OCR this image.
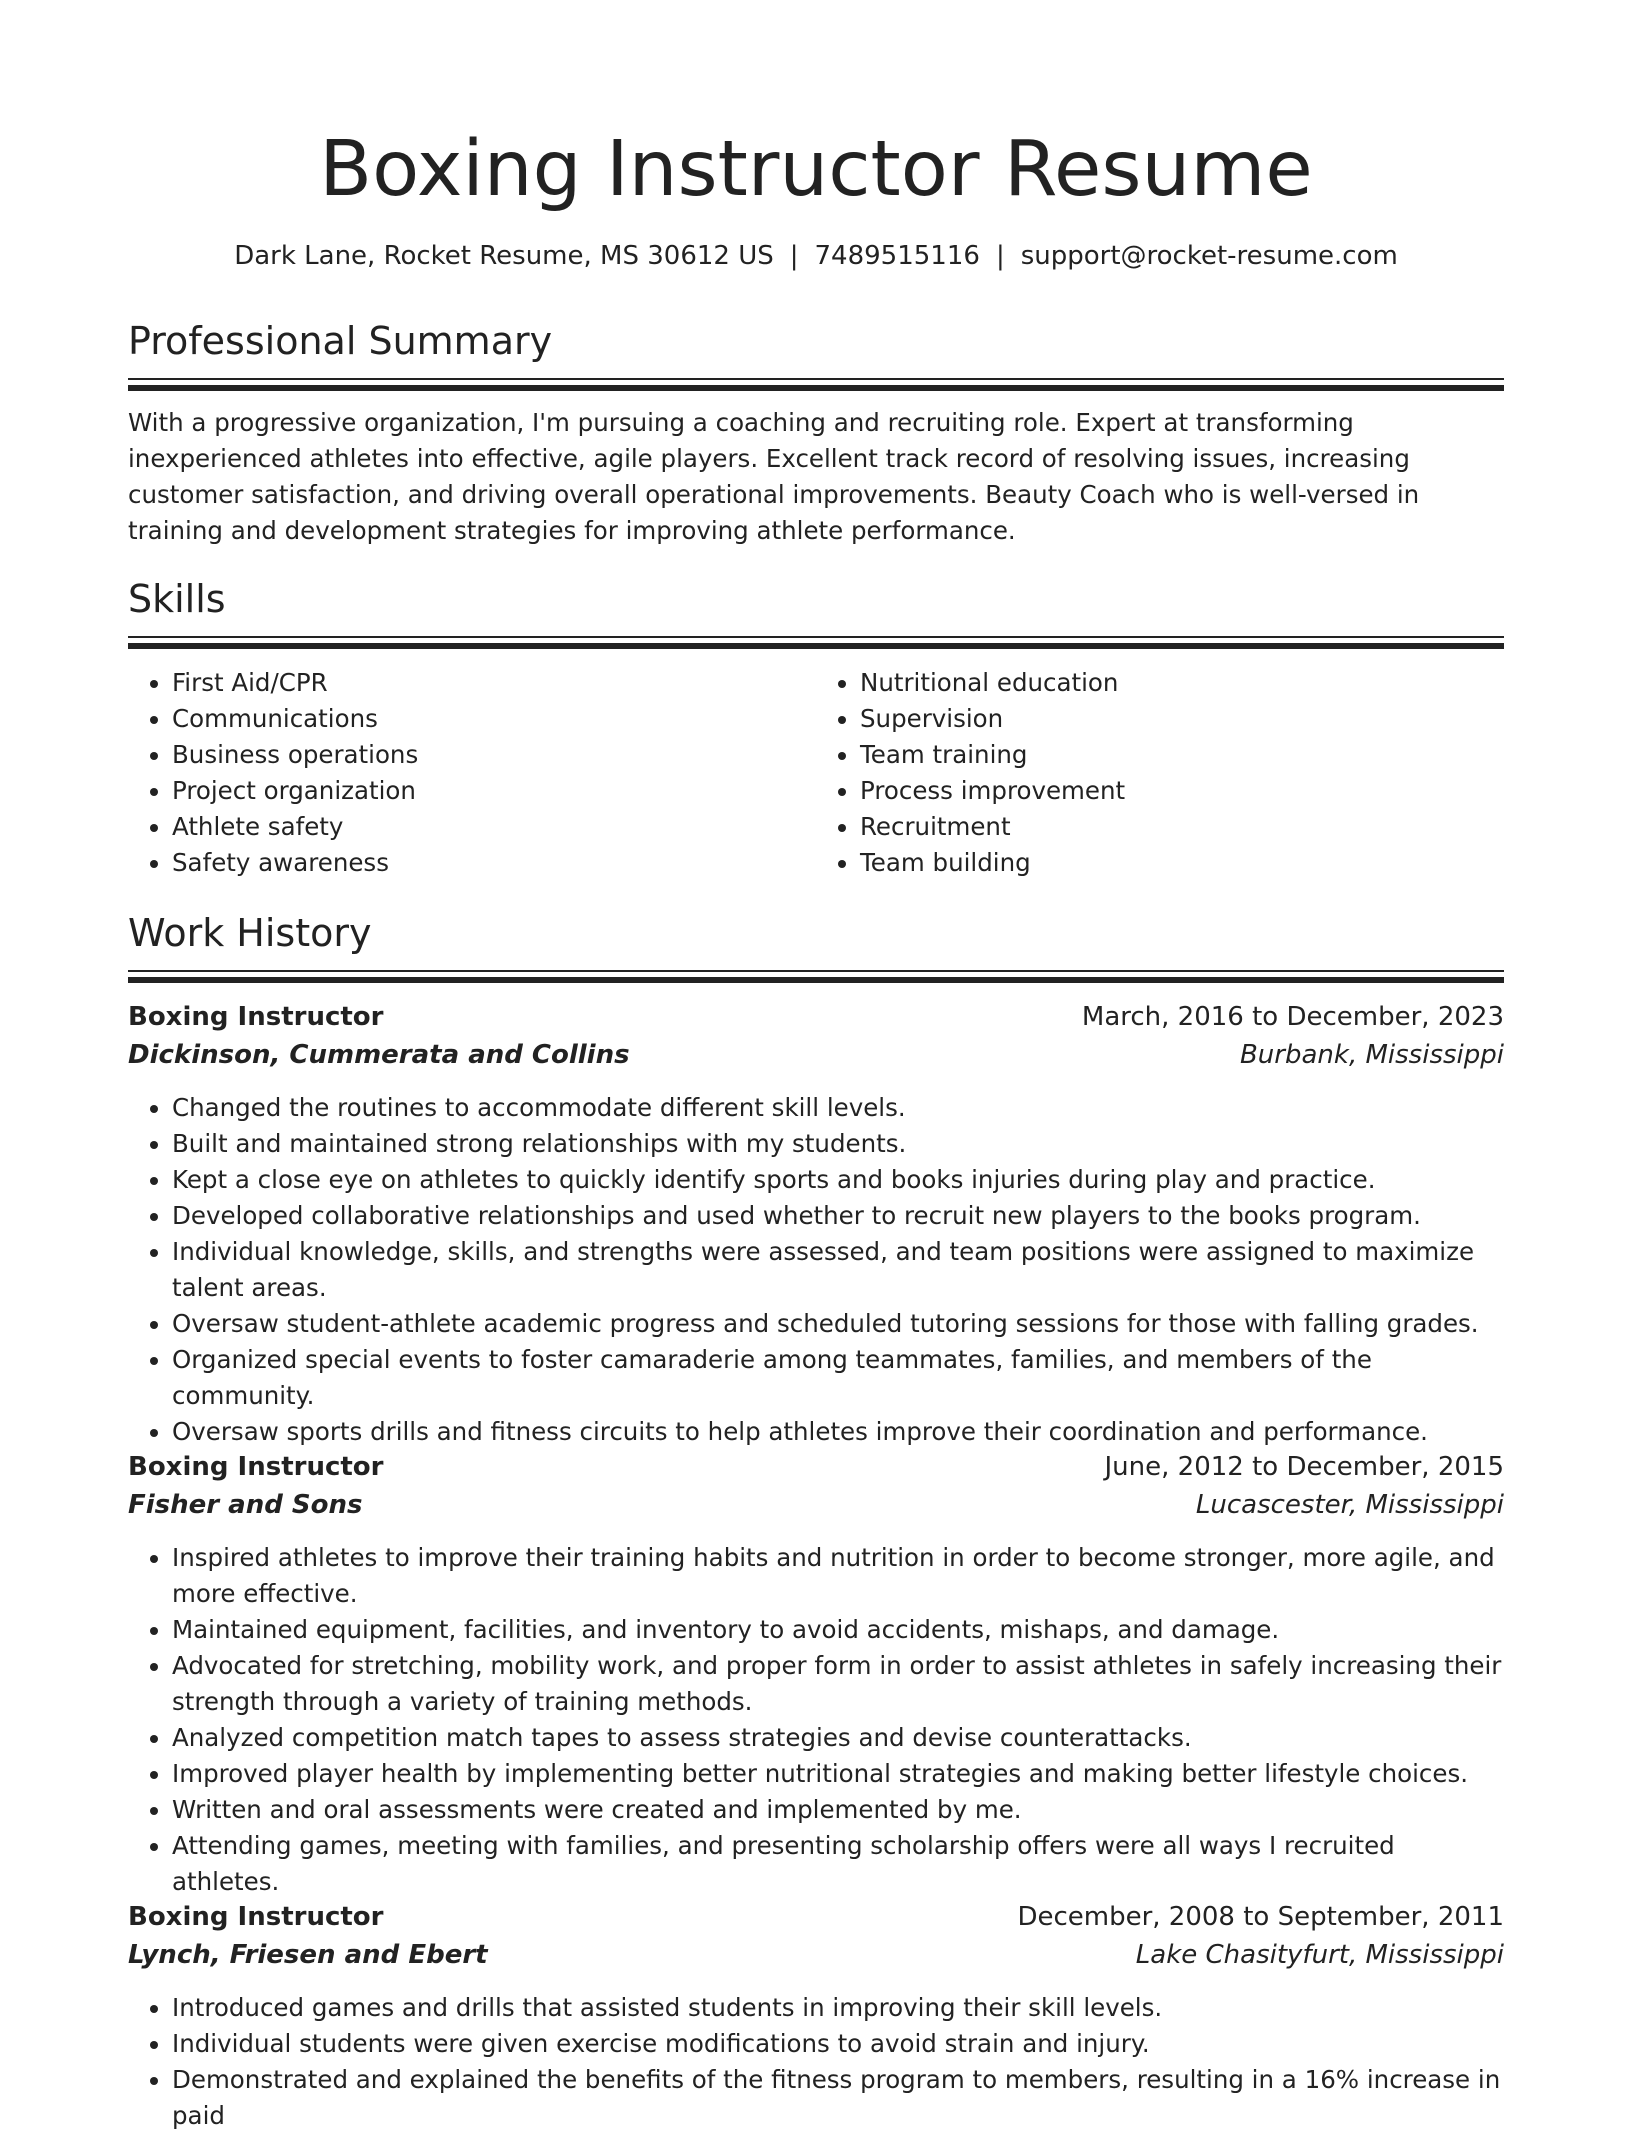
Boxing Instructor Resume
Dark Lane, Rocket Resume, MS 30612 US | 7489515116 | support@rocket-resume.com
Professional Summary

With a progressive organization, I'm pursuing a coaching and recruiting role. Expert at transforming inexperienced athletes into effective, agile players. Excellent track record of resolving issues, increasing customer satisfaction, and driving overall operational improvements. Beauty Coach who is well-versed in training and development strategies for improving athlete performance.

Skills
• First Aid/CPR
• Communications
• Business operations
• Project organization
• Athlete safety
• Safety awareness
• Nutritional education
• Supervision
• Team training
• Process improvement
• Recruitment
• Team building
Work History
Boxing Instructor	March, 2016 to December, 2023
Dickinson, Cummerata and Collins	Burbank, Mississippi
• Changed the routines to accommodate different skill levels.
• Built and maintained strong relationships with my students.
• Kept a close eye on athletes to quickly identify sports and books injuries during play and practice.
• Developed collaborative relationships and used whether to recruit new players to the books program.
• Individual knowledge, skills, and strengths were assessed, and team positions were assigned to maximize talent areas.
• Oversaw student-athlete academic progress and scheduled tutoring sessions for those with falling grades.
• Organized special events to foster camaraderie among teammates, families, and members of the community.
• Oversaw sports drills and fitness circuits to help athletes improve their coordination and performance.
Boxing Instructor	June, 2012 to December, 2015
Fisher and Sons	Lucascester, Mississippi
• Inspired athletes to improve their training habits and nutrition in order to become stronger, more agile, and more effective.
• Maintained equipment, facilities, and inventory to avoid accidents, mishaps, and damage.
• Advocated for stretching, mobility work, and proper form in order to assist athletes in safely increasing their strength through a variety of training methods.
• Analyzed competition match tapes to assess strategies and devise counterattacks.
• Improved player health by implementing better nutritional strategies and making better lifestyle choices.
• Written and oral assessments were created and implemented by me.
• Attending games, meeting with families, and presenting scholarship offers were all ways I recruited athletes.
Boxing Instructor	December, 2008 to September, 2011
Lynch, Friesen and Ebert	Lake Chasityfurt, Mississippi
• Introduced games and drills that assisted students in improving their skill levels.
• Individual students were given exercise modifications to avoid strain and injury.
• Demonstrated and explained the benefits of the fitness program to members, resulting in a 16% increase in paid
